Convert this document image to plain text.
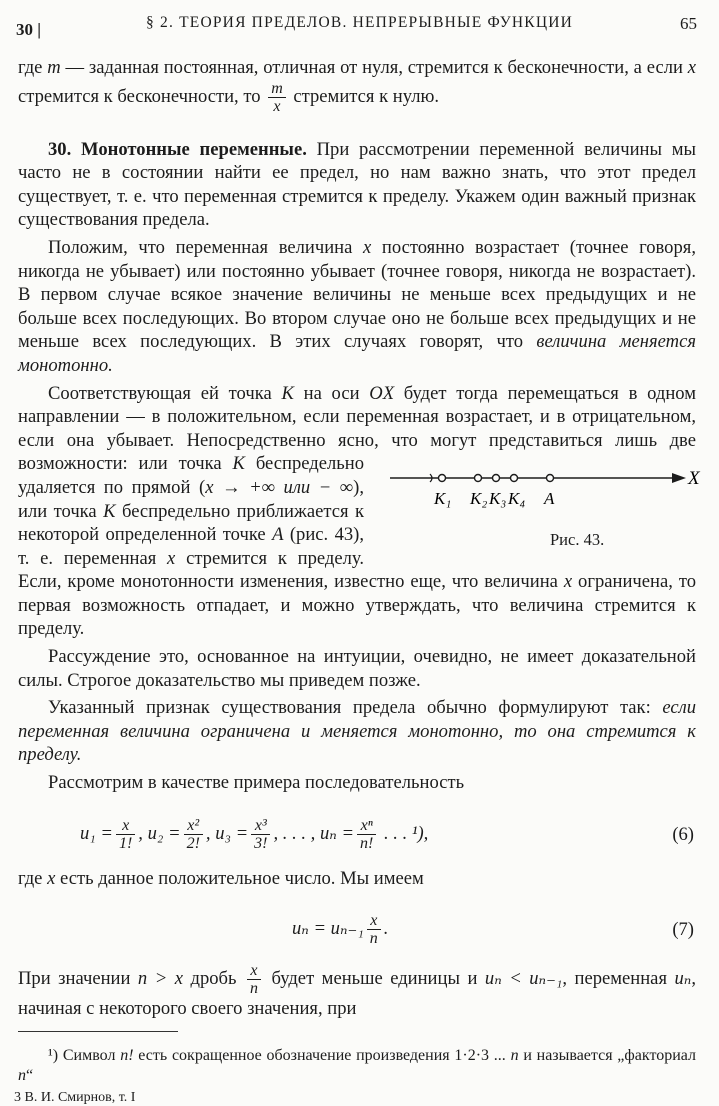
30 |	§ 2. ТЕОРИЯ ПРЕДЕЛОВ. НЕПРЕРЫВНЫЕ ФУНКЦИИ	65

где m — заданная постоянная, отличная от нуля, стремится к бесконечности, а если x стремится к бесконечности, то $\frac{m}{x}$ стремится к нулю.

30. Монотонные переменные. При рассмотрении переменной величины мы часто не в состоянии найти ее предел, но нам важно знать, что этот предел существует, т. е. что переменная стремится к пределу. Укажем один важный признак существования предела.

Положим, что переменная величина x постоянно возрастает (точнее говоря, никогда не убывает) или постоянно убывает (точнее говоря, никогда не возрастает). В первом случае всякое значение величины не меньше всех предыдущих и не больше всех последующих. Во втором случае оно не больше всех предыдущих и не меньше всех последующих. В этих случаях говорят, что величина меняется монотонно.

Соответствующая ей точка K на оси OX будет тогда перемещаться в одном направлении — в положительном, если переменная возрастает, и в отрицательном, если она убывает. Непосредственно ясно, что могут представиться лишь две возможности: или точка
X
K₁ K₂ K₃ K₄ A
Рис. 43.
K беспредельно удаляется по прямой (x → +∞ или − ∞), или точка K беспредельно приближается к некоторой определенной точке A (рис. 43), т. е. переменная x стремится к пределу. Если, кроме монотонности изменения, известно еще, что величина x ограничена, то первая возможность отпадает, и можно утверждать, что величина стремится к пределу.

Рассуждение это, основанное на интуиции, очевидно, не имеет доказательной силы. Строгое доказательство мы приведем позже.

Указанный признак существования предела обычно формулируют так: если переменная величина ограничена и меняется монотонно, то она стремится к пределу.

Рассмотрим в качестве примера последовательность

$u_1 = \frac{x}{1!}$ , $u_2 = \frac{\text{x²}}{2!}$ , $u_3 = \frac{\text{x³}}{3!}$ , . . . , $u_n = \frac{\text{xⁿ}}{n!}$ . . . ¹),	(6)

где x есть данное положительное число. Мы имеем

$u_n = u_{n-1} \frac{x}{n}$ .	(7)

При значении n > x дробь $\frac{x}{n}$ будет меньше единицы и uₙ < uₙ₋₁, переменная uₙ, начиная с некоторого своего значения, при

¹) Символ n! есть сокращенное обозначение произведения 1·2·3 ... n и называется „факториал n“

3 В. И. Смирнов, т. I
